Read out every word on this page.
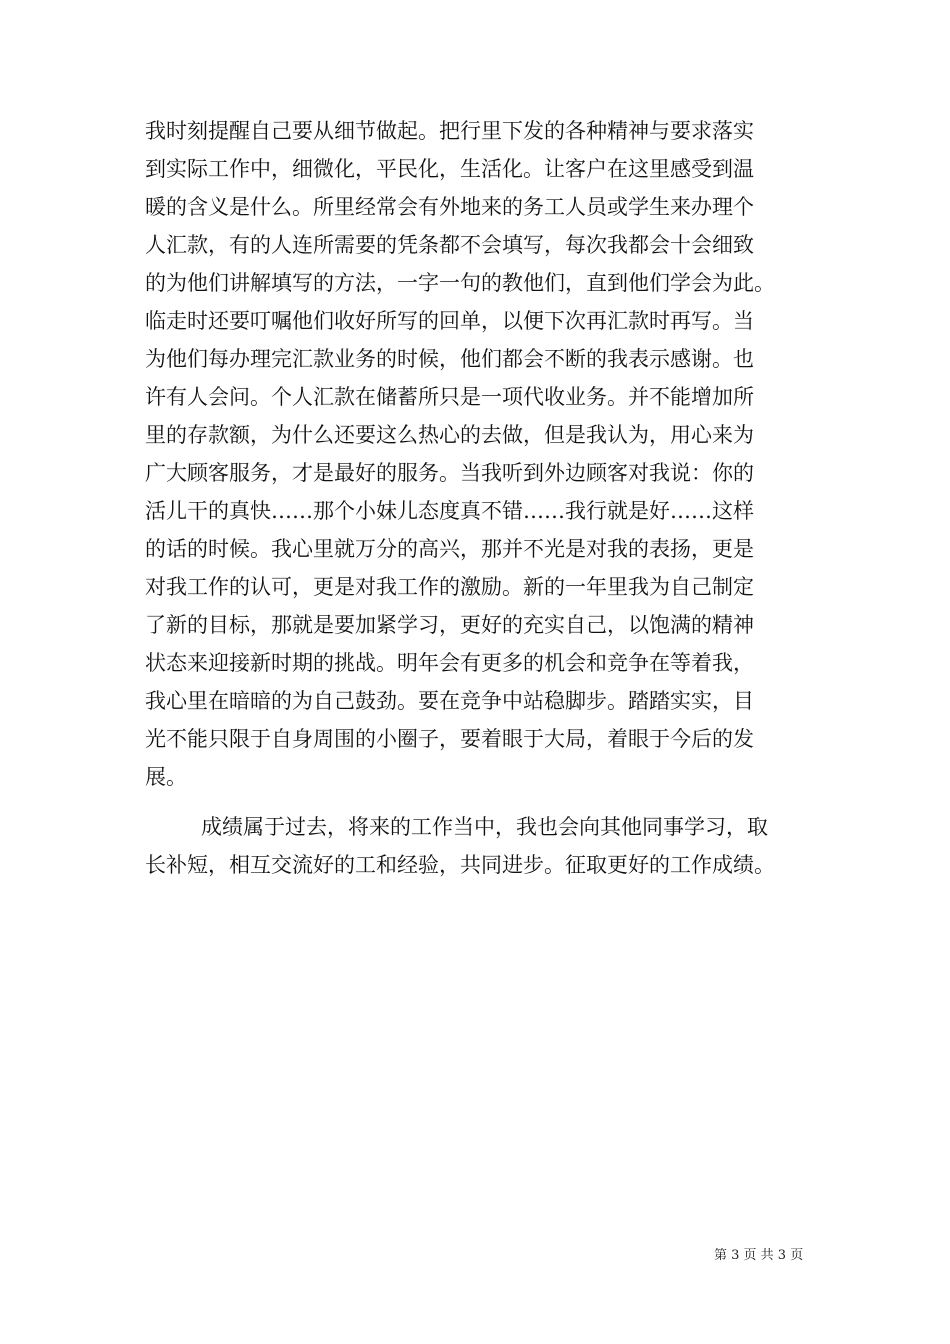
我时刻提醒自己要从细节做起。把行里下发的各种精神与要求落实
到实际工作中，细微化，平民化，生活化。让客户在这里感受到温
暖的含义是什么。所里经常会有外地来的务工人员或学生来办理个
人汇款，有的人连所需要的凭条都不会填写，每次我都会十会细致
的为他们讲解填写的方法，一字一句的教他们，直到他们学会为此。
临走时还要叮嘱他们收好所写的回单，以便下次再汇款时再写。当
为他们每办理完汇款业务的时候，他们都会不断的我表示感谢。也
许有人会问。个人汇款在储蓄所只是一项代收业务。并不能增加所
里的存款额，为什么还要这么热心的去做，但是我认为，用心来为
广大顾客服务，才是最好的服务。当我听到外边顾客对我说：你的
活儿干的真快……那个小妹儿态度真不错……我行就是好……这样
的话的时候。我心里就万分的高兴，那并不光是对我的表扬，更是
对我工作的认可，更是对我工作的激励。新的一年里我为自己制定
了新的目标，那就是要加紧学习，更好的充实自己，以饱满的精神
状态来迎接新时期的挑战。明年会有更多的机会和竞争在等着我，
我心里在暗暗的为自己鼓劲。要在竞争中站稳脚步。踏踏实实，目
光不能只限于自身周围的小圈子，要着眼于大局，着眼于今后的发
展。
成绩属于过去，将来的工作当中，我也会向其他同事学习，取
长补短，相互交流好的工和经验，共同进步。征取更好的工作成绩。
第 3 页 共 3 页
